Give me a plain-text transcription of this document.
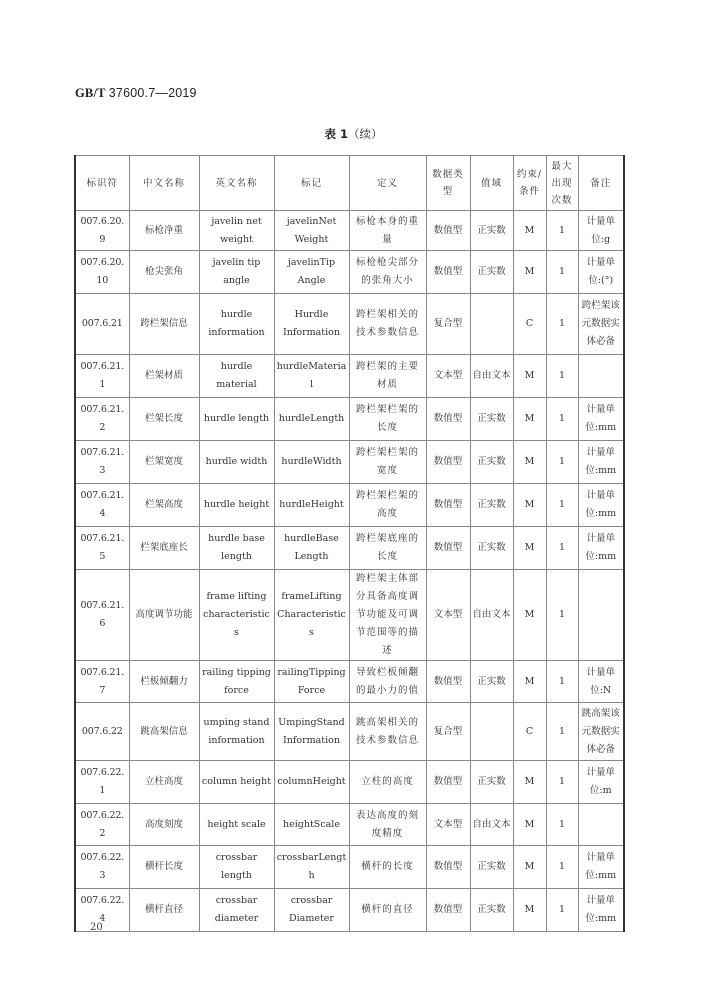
GB/T 37600.7—2019
表 1（续）
标识符	中文名称	英文名称	标记	定义	数据类型	值域	约束/条件	最大出现次数	备注
007.6.20.9	标枪净重	javelin net weight	javelinNet Weight	标枪本身的重量	数值型	正实数	M	1	计量单位:g
007.6.20.10	枪尖张角	javelin tip angle	javelinTip Angle	标枪枪尖部分的张角大小	数值型	正实数	M	1	计量单位:(°)
007.6.21	跨栏架信息	hurdle information	Hurdle Information	跨栏架相关的技术参数信息	复合型		C	1	跨栏架该元数据实体必备
007.6.21.1	栏架材质	hurdle material	hurdleMaterial	跨栏架的主要材质	文本型	自由文本	M	1	
007.6.21.2	栏架长度	hurdle length	hurdleLength	跨栏架栏架的长度	数值型	正实数	M	1	计量单位:mm
007.6.21.3	栏架宽度	hurdle width	hurdleWidth	跨栏架栏架的宽度	数值型	正实数	M	1	计量单位:mm
007.6.21.4	栏架高度	hurdle height	hurdleHeight	跨栏架栏架的高度	数值型	正实数	M	1	计量单位:mm
007.6.21.5	栏架底座长	hurdle base length	hurdleBase Length	跨栏架底座的长度	数值型	正实数	M	1	计量单位:mm
007.6.21.6	高度调节功能	frame lifting characteristics	frameLifting Characteristics	跨栏架主体部分具备高度调节功能及可调节范围等的描述	文本型	自由文本	M	1	
007.6.21.7	栏板倾翻力	railing tipping force	railingTipping Force	导致栏板倾翻的最小力的值	数值型	正实数	M	1	计量单位:N
007.6.22	跳高架信息	umping stand information	UmpingStand Information	跳高架相关的技术参数信息	复合型		C	1	跳高架该元数据实体必备
007.6.22.1	立柱高度	column height	columnHeight	立柱的高度	数值型	正实数	M	1	计量单位:m
007.6.22.2	高度刻度	height scale	heightScale	表达高度的刻度精度	文本型	自由文本	M	1	
007.6.22.3	横杆长度	crossbar length	crossbarLength	横杆的长度	数值型	正实数	M	1	计量单位:mm
007.6.22.4	横杆直径	crossbar diameter	crossbar Diameter	横杆的直径	数值型	正实数	M	1	计量单位:mm
20
